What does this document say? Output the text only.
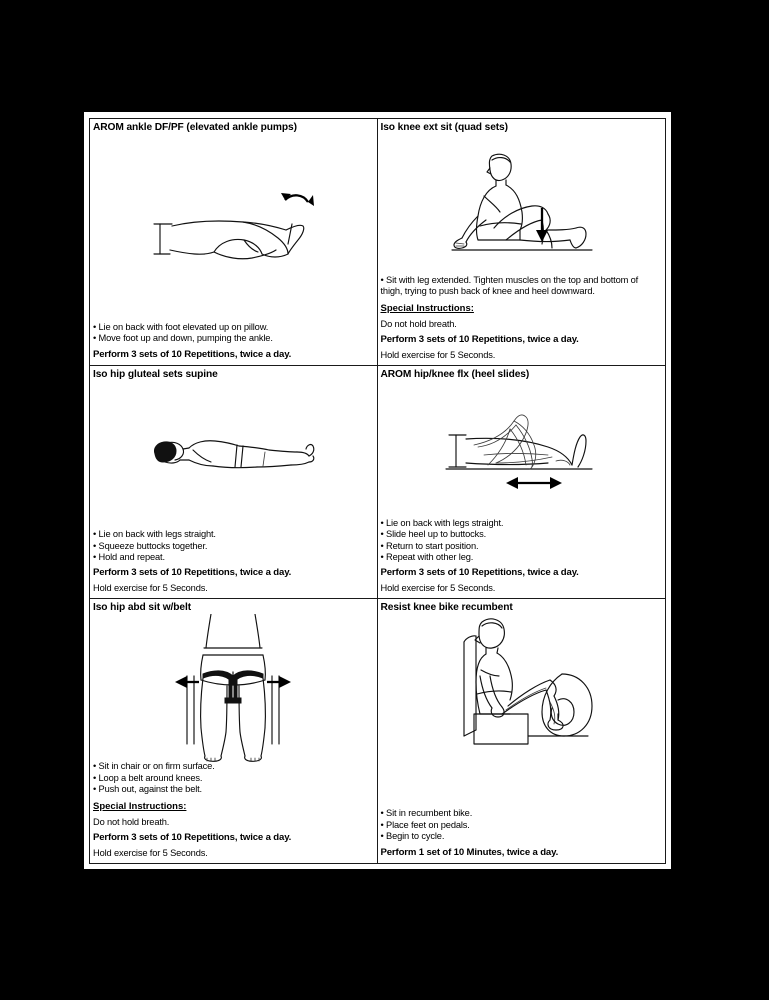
AROM ankle DF/PF (elevated ankle pumps)
• Lie on back with foot elevated up on pillow.
• Move foot up and down, pumping the ankle.
Perform 3 sets of 10 Repetitions, twice a day.
Iso knee ext sit (quad sets)
• Sit with leg extended. Tighten muscles on the top and bottom of thigh, trying to push back of knee and heel downward.
Special Instructions:
Do not hold breath.
Perform 3 sets of 10 Repetitions, twice a day.
Hold exercise for 5 Seconds.
Iso hip gluteal sets supine
• Lie on back with legs straight.
• Squeeze buttocks together.
• Hold and repeat.
Perform 3 sets of 10 Repetitions, twice a day.
Hold exercise for 5 Seconds.
AROM hip/knee flx (heel slides)
• Lie on back with legs straight.
• Slide heel up to buttocks.
• Return to start position.
• Repeat with other leg.
Perform 3 sets of 10 Repetitions, twice a day.
Hold exercise for 5 Seconds.
Iso hip abd sit w/belt
• Sit in chair or on firm surface.
• Loop a belt around knees.
• Push out, against the belt.
Special Instructions:
Do not hold breath.
Perform 3 sets of 10 Repetitions, twice a day.
Hold exercise for 5 Seconds.
Resist knee bike recumbent
• Sit in recumbent bike.
• Place feet on pedals.
• Begin to cycle.
Perform 1 set of 10 Minutes, twice a day.
